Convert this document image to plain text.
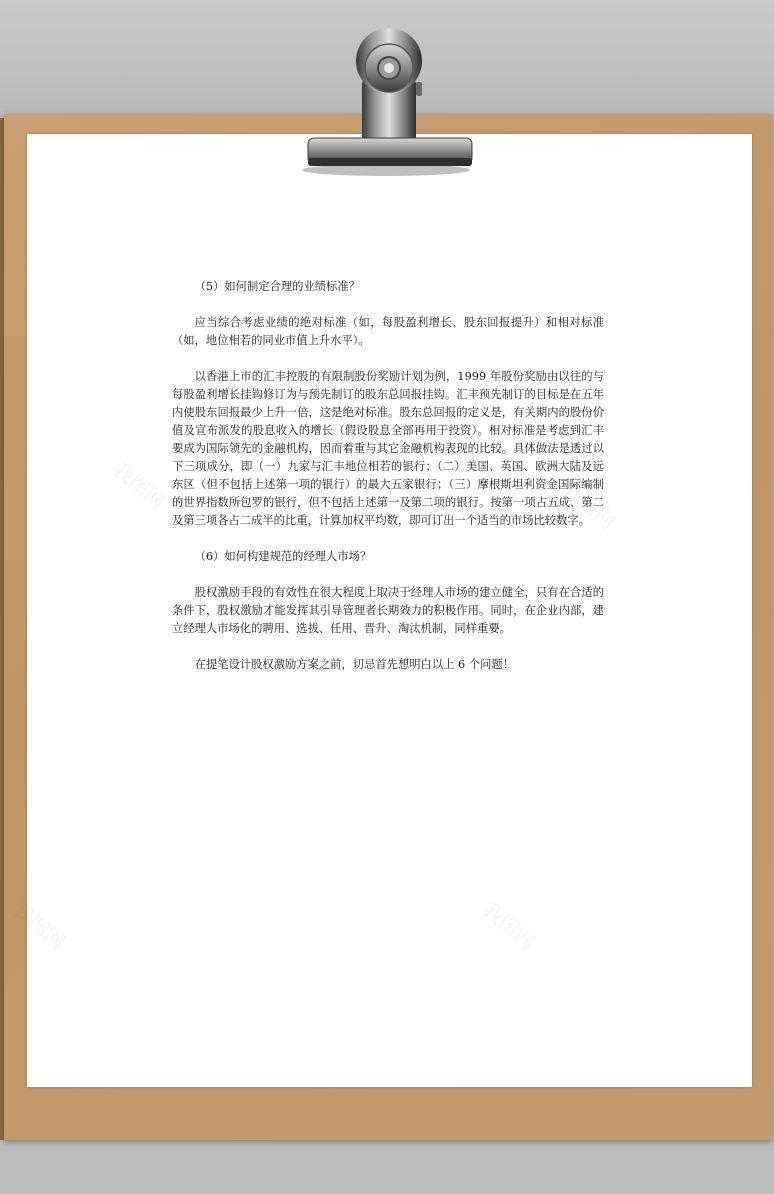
（5）如何制定合理的业绩标准？

应当综合考虑业绩的绝对标准（如，每股盈利增长、股东回报提升）和相对标准（如，地位相若的同业市值上升水平）。

以香港上市的汇丰控股的有限制股份奖励计划为例，1999 年股份奖励由以往的与每股盈利增长挂钩修订为与预先制订的股东总回报挂钩。汇丰预先制订的目标是在五年内使股东回报最少上升一倍，这是绝对标准。股东总回报的定义是，有关期内的股份价值及宣布派发的股息收入的增长（假设股息全部再用于投资）。相对标准是考虑到汇丰要成为国际领先的金融机构，因而着重与其它金融机构表现的比较。具体做法是透过以下三项成分，即（一）九家与汇丰地位相若的银行；（二）美国、英国、欧洲大陆及远东区（但不包括上述第一项的银行）的最大五家银行；（三）摩根斯坦利资金国际编制的世界指数所包罗的银行，但不包括上述第一及第二项的银行。按第一项占五成、第二及第三项各占二成半的比重，计算加权平均数，即可订出一个适当的市场比较数字。

（6）如何构建规范的经理人市场？

股权激励手段的有效性在很大程度上取决于经理人市场的建立健全，只有在合适的条件下，股权激励才能发挥其引导管理者长期效力的积极作用。同时，在企业内部，建立经理人市场化的聘用、选拔、任用、晋升、淘汰机制，同样重要。

在提笔设计股权激励方案之前，切忌首先想明白以上 6 个问题！
